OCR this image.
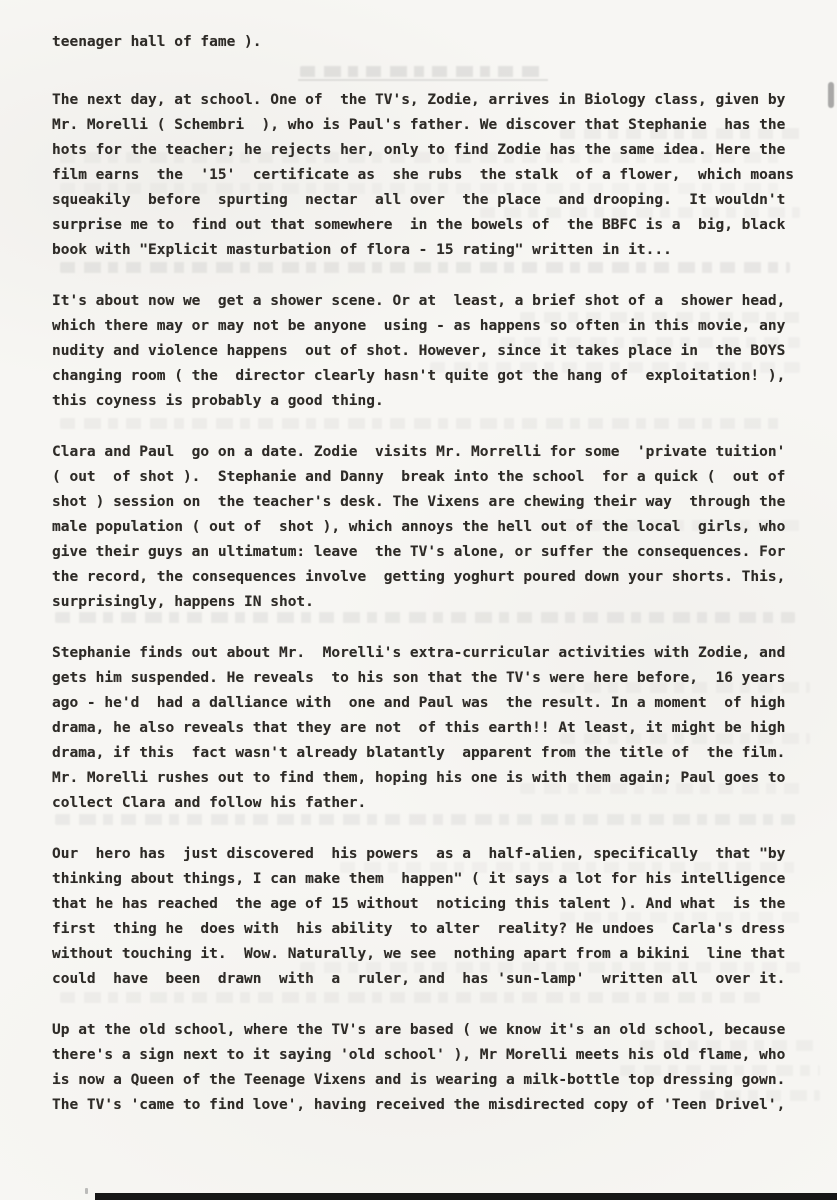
teenager hall of fame ).

The next day, at school. One of  the TV's, Zodie, arrives in Biology class, given by
Mr. Morelli ( Schembri  ), who is Paul's father. We discover that Stephanie  has the
hots for the teacher; he rejects her, only to find Zodie has the same idea. Here the
film earns  the  '15'  certificate as  she rubs  the stalk  of a flower,  which moans
squeakily  before  spurting  nectar  all over  the place  and drooping.  It wouldn't
surprise me to  find out that somewhere  in the bowels of  the BBFC is a  big, black
book with "Explicit masturbation of flora - 15 rating" written in it...

It's about now we  get a shower scene. Or at  least, a brief shot of a  shower head,
which there may or may not be anyone  using - as happens so often in this movie, any
nudity and violence happens  out of shot. However, since it takes place in  the BOYS
changing room ( the  director clearly hasn't quite got the hang of  exploitation! ),
this coyness is probably a good thing.

Clara and Paul  go on a date. Zodie  visits Mr. Morrelli for some  'private tuition'
( out  of shot ).  Stephanie and Danny  break into the school  for a quick (  out of
shot ) session on  the teacher's desk. The Vixens are chewing their way  through the
male population ( out of  shot ), which annoys the hell out of the local  girls, who
give their guys an ultimatum: leave  the TV's alone, or suffer the consequences. For
the record, the consequences involve  getting yoghurt poured down your shorts. This,
surprisingly, happens IN shot.

Stephanie finds out about Mr.  Morelli's extra-curricular activities with Zodie, and
gets him suspended. He reveals  to his son that the TV's were here before,  16 years
ago - he'd  had a dalliance with  one and Paul was  the result. In a moment  of high
drama, he also reveals that they are not  of this earth!! At least, it might be high
drama, if this  fact wasn't already blatantly  apparent from the title of  the film.
Mr. Morelli rushes out to find them, hoping his one is with them again; Paul goes to
collect Clara and follow his father.

Our  hero has  just discovered  his powers  as a  half-alien, specifically  that "by
thinking about things, I can make them  happen" ( it says a lot for his intelligence
that he has reached  the age of 15 without  noticing this talent ). And what  is the
first  thing he  does with  his ability  to alter  reality? He undoes  Carla's dress
without touching it.  Wow. Naturally, we see  nothing apart from a bikini  line that
could  have  been  drawn  with  a  ruler, and  has 'sun-lamp'  written all  over it.

Up at the old school, where the TV's are based ( we know it's an old school, because
there's a sign next to it saying 'old school' ), Mr Morelli meets his old flame, who
is now a Queen of the Teenage Vixens and is wearing a milk-bottle top dressing gown.
The TV's 'came to find love', having received the misdirected copy of 'Teen Drivel',
